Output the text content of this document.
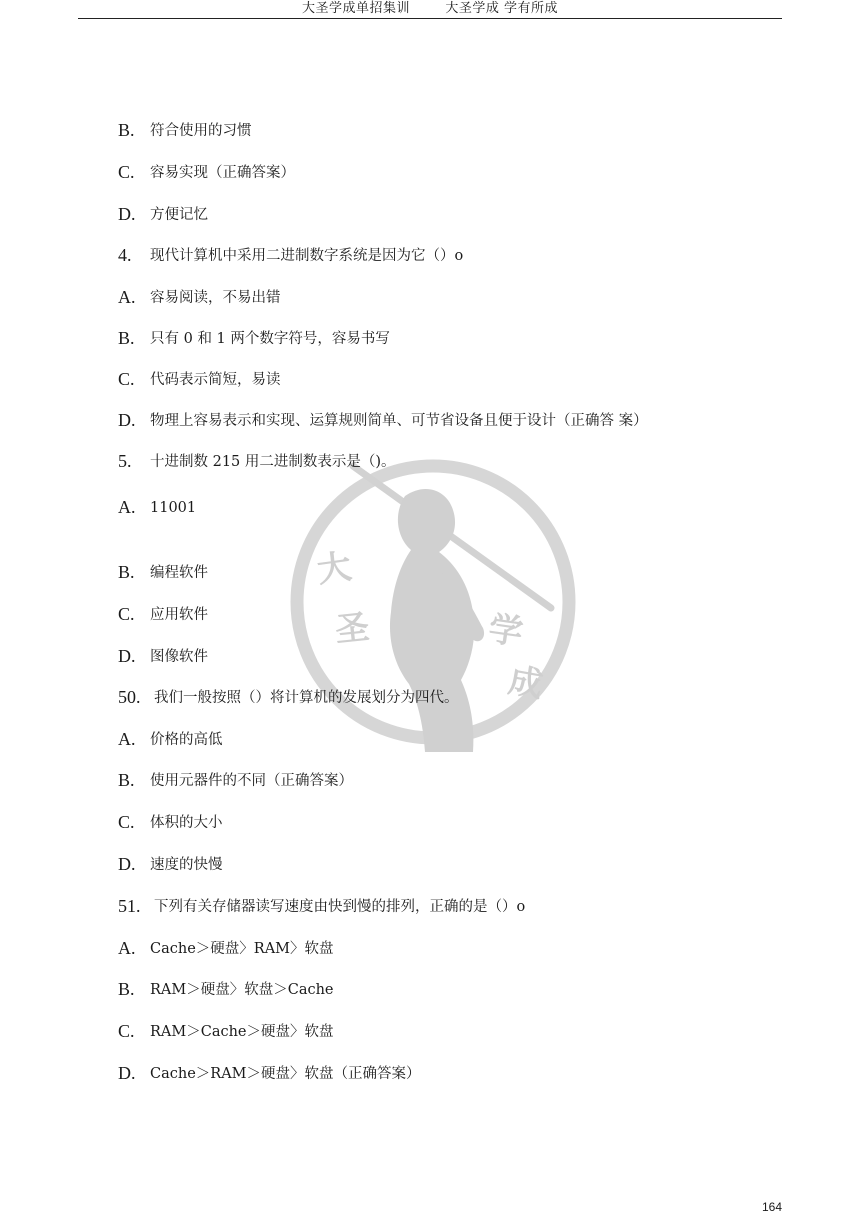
大圣学成单招集训	大圣学成 学有所成
大
圣	学
成
B. 符合使用的习惯
C. 容易实现（正确答案）
D. 方便记忆
4. 现代计算机中采用二进制数字系统是因为它（）o
A. 容易阅读，不易出错
B. 只有 0 和 1 两个数字符号，容易书写
C. 代码表示简短，易读
D. 物理上容易表示和实现、运算规则简单、可节省设备且便于设计（正确答 案）
5. 十进制数 215 用二进制数表示是（)。
A. 11001
B. 编程软件
C. 应用软件
D. 图像软件
50. 我们一般按照（）将计算机的发展划分为四代。
A. 价格的高低
B. 使用元器件的不同（正确答案）
C. 体积的大小
D. 速度的快慢
51. 下列有关存储器读写速度由快到慢的排列，正确的是（）o
A. Cache＞硬盘〉RAM〉软盘
B. RAM＞硬盘〉软盘＞Cache
C. RAM＞Cache＞硬盘〉软盘
D. Cache＞RAM＞硬盘〉软盘（正确答案）
164
